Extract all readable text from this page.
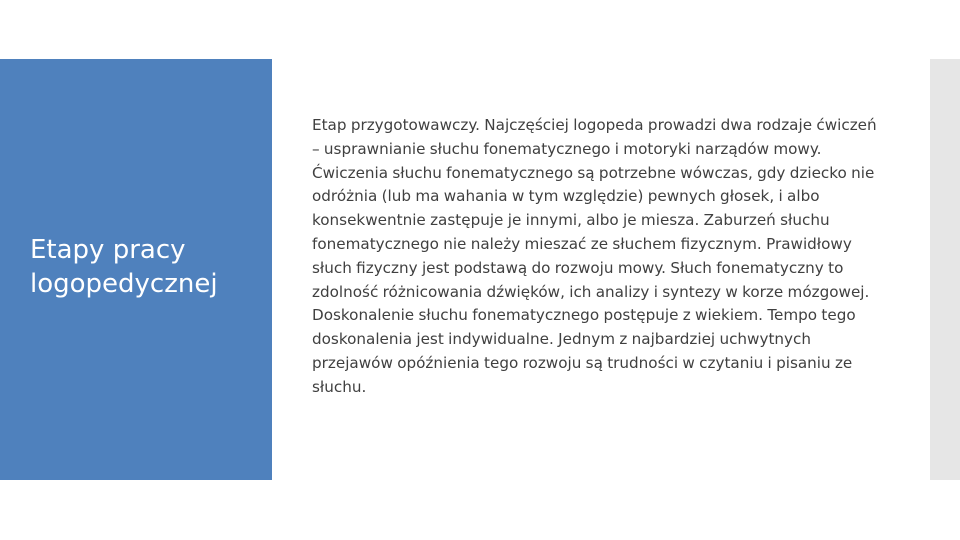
Etapy pracy logopedycznej

Etap przygotowawczy. Najczęściej logopeda prowadzi dwa rodzaje ćwiczeń – usprawnianie słuchu fonematycznego i motoryki narządów mowy. Ćwiczenia słuchu fonematycznego są potrzebne wówczas, gdy dziecko nie odróżnia (lub ma wahania w tym względzie) pewnych głosek, i albo konsekwentnie zastępuje je innymi, albo je miesza. Zaburzeń słuchu fonematycznego nie należy mieszać ze słuchem fizycznym. Prawidłowy słuch fizyczny jest podstawą do rozwoju mowy. Słuch fonematyczny to zdolność różnicowania dźwięków, ich analizy i syntezy w korze mózgowej. Doskonalenie słuchu fonematycznego postępuje z wiekiem. Tempo tego doskonalenia jest indywidualne. Jednym z najbardziej uchwytnych przejawów opóźnienia tego rozwoju są trudności w czytaniu i pisaniu ze słuchu.
